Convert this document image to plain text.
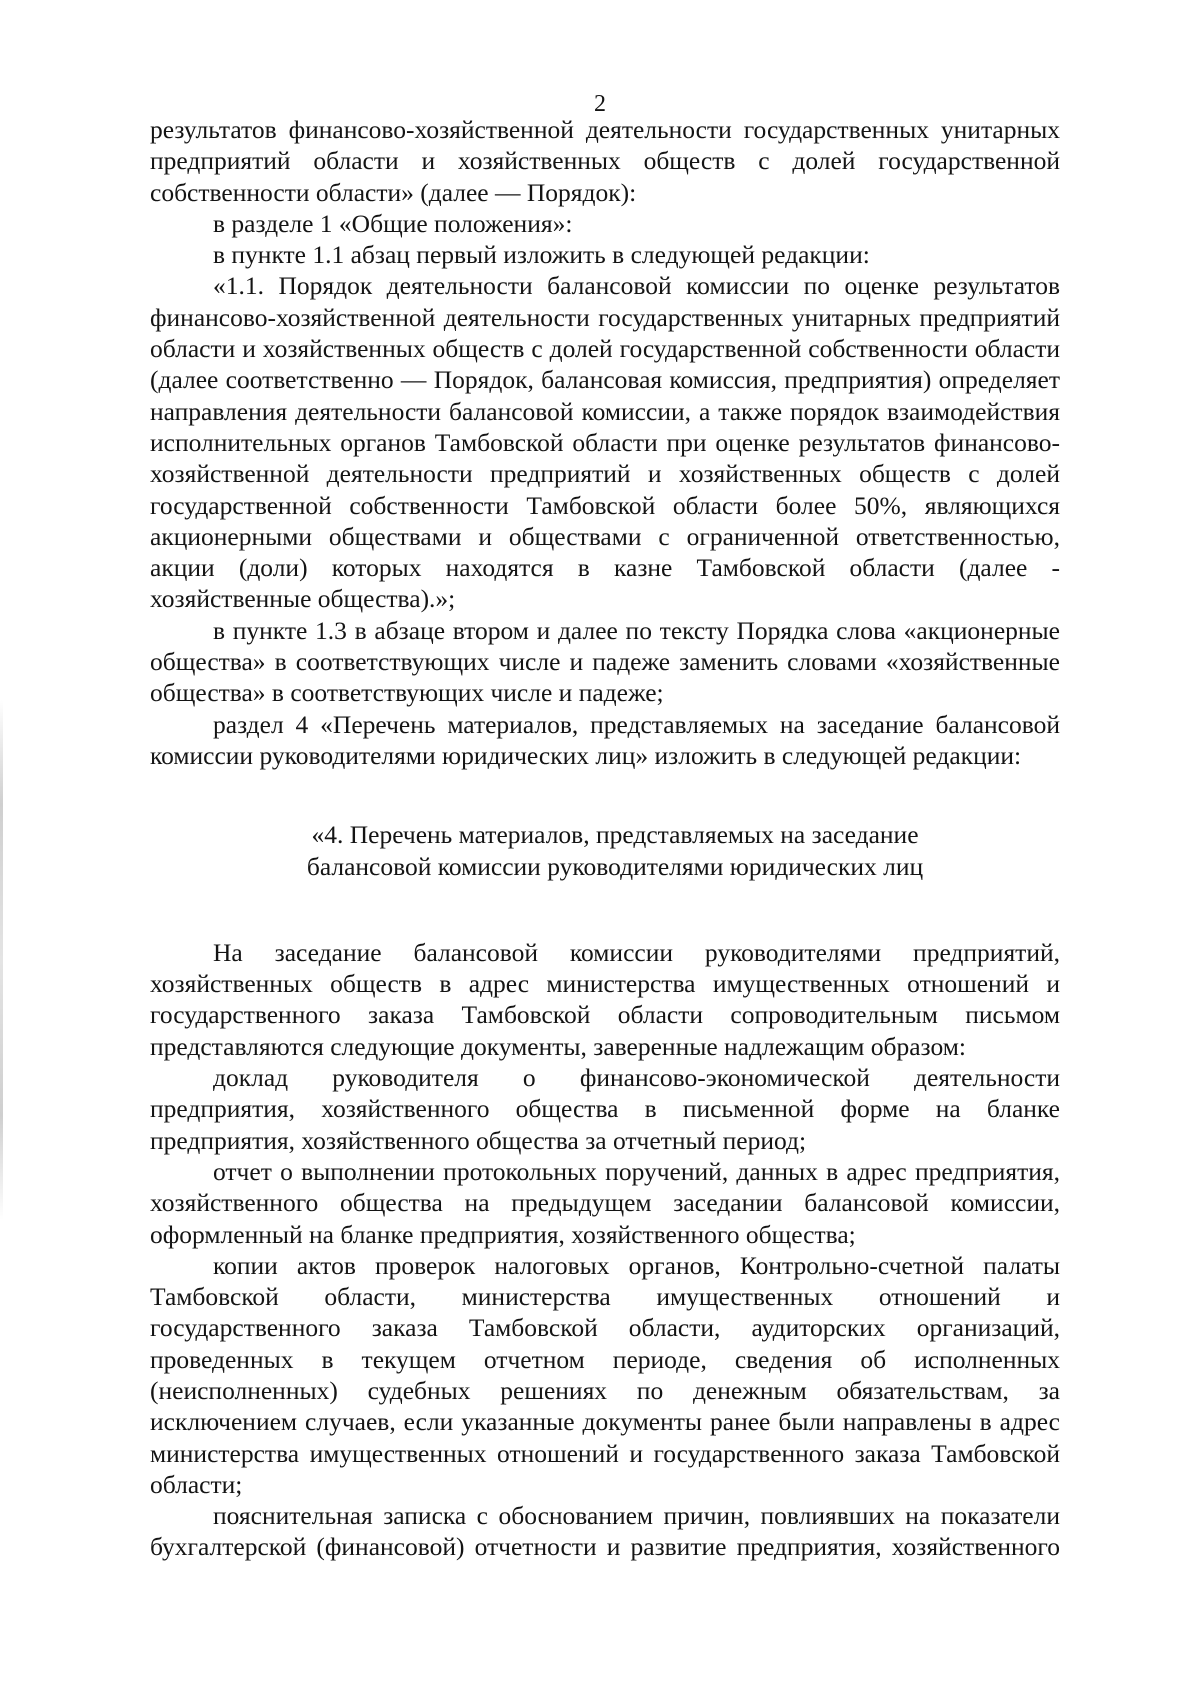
2

результатов финансово-хозяйственной деятельности государственных унитарных предприятий области и хозяйственных обществ с долей государственной собственности области» (далее — Порядок):

в разделе 1 «Общие положения»:

в пункте 1.1 абзац первый изложить в следующей редакции:

«1.1. Порядок деятельности балансовой комиссии по оценке результатов финансово-хозяйственной деятельности государственных унитарных предприятий области и хозяйственных обществ с долей государственной собственности области (далее соответственно — Порядок, балансовая комиссия, предприятия) определяет направления деятельности балансовой комиссии, а также порядок взаимодействия исполнительных органов Тамбовской области при оценке результатов финансово-хозяйственной деятельности предприятий и хозяйственных обществ с долей государственной собственности Тамбовской области более 50%, являющихся акционерными обществами и обществами с ограниченной ответственностью, акции (доли) которых находятся в казне Тамбовской области (далее - хозяйственные общества).»;

в пункте 1.3 в абзаце втором и далее по тексту Порядка слова «акционерные общества» в соответствующих числе и падеже заменить словами «хозяйственные общества» в соответствующих числе и падеже;

раздел 4 «Перечень материалов, представляемых на заседание балансовой комиссии руководителями юридических лиц» изложить в следующей редакции:

«4. Перечень материалов, представляемых на заседание
балансовой комиссии руководителями юридических лиц

На заседание балансовой комиссии руководителями предприятий, хозяйственных обществ в адрес министерства имущественных отношений и государственного заказа Тамбовской области сопроводительным письмом представляются следующие документы, заверенные надлежащим образом:

доклад руководителя о финансово-экономической деятельности предприятия, хозяйственного общества в письменной форме на бланке предприятия, хозяйственного общества за отчетный период;

отчет о выполнении протокольных поручений, данных в адрес предприятия, хозяйственного общества на предыдущем заседании балансовой комиссии, оформленный на бланке предприятия, хозяйственного общества;

копии актов проверок налоговых органов, Контрольно-счетной палаты Тамбовской области, министерства имущественных отношений и государственного заказа Тамбовской области, аудиторских организаций, проведенных в текущем отчетном периоде, сведения об исполненных (неисполненных) судебных решениях по денежным обязательствам, за исключением случаев, если указанные документы ранее были направлены в адрес министерства имущественных отношений и государственного заказа Тамбовской области;

пояснительная записка с обоснованием причин, повлиявших на показатели бухгалтерской (финансовой) отчетности и развитие предприятия, хозяйственного
